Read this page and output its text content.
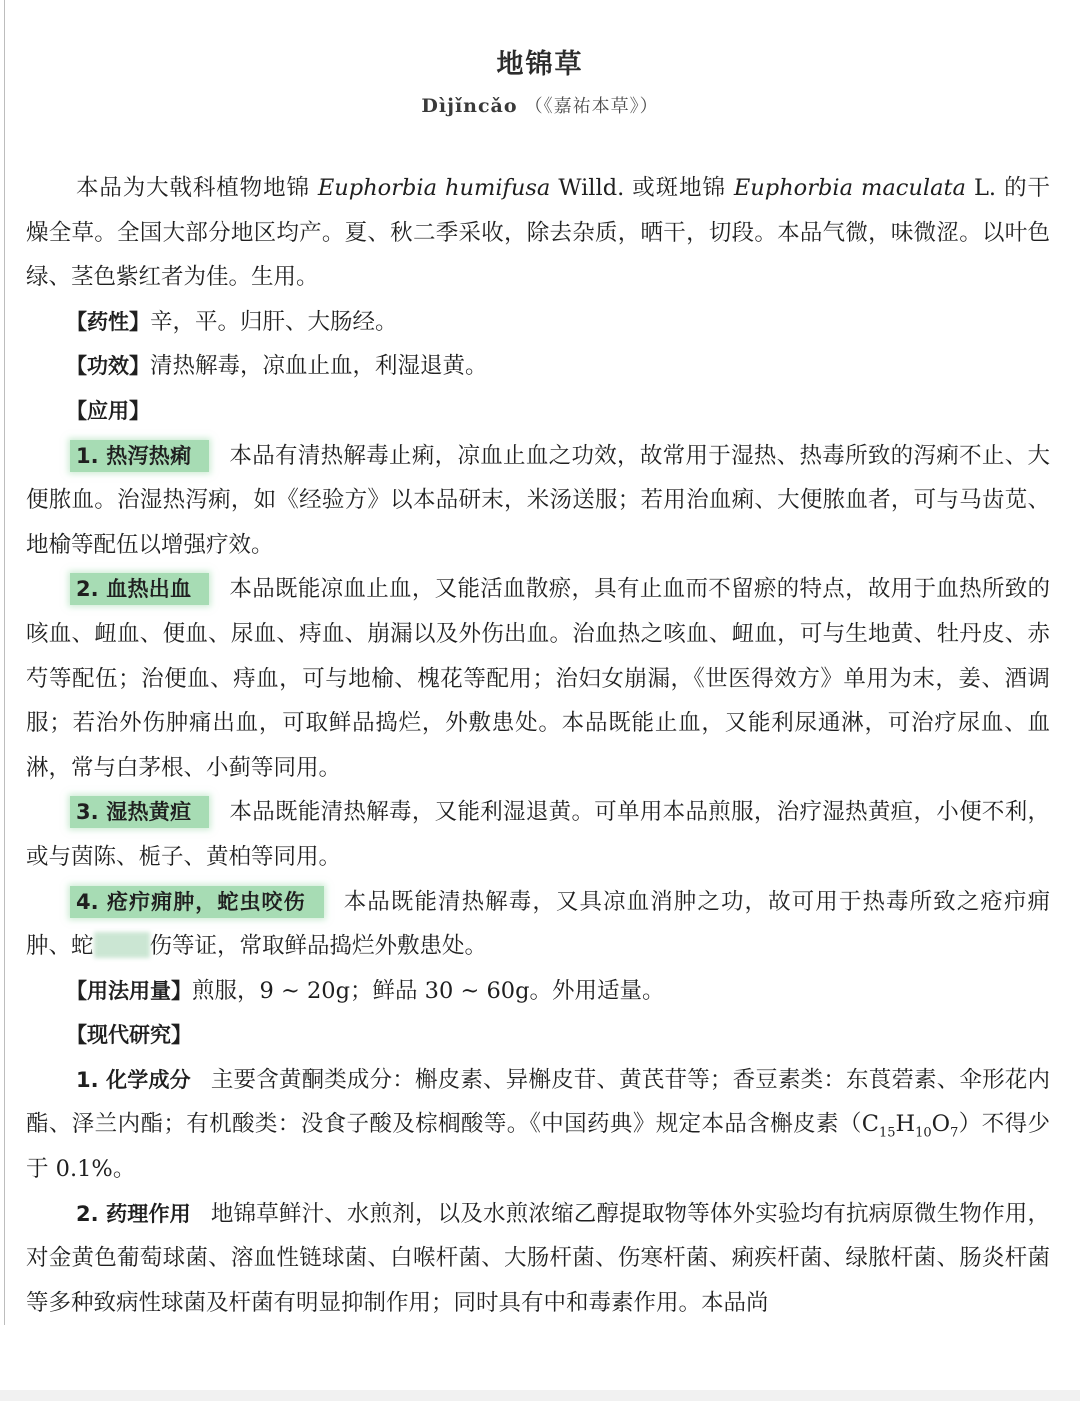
地锦草
Dìjǐncǎo （《嘉祐本草》）

本品为大戟科植物地锦 Euphorbia humifusa Willd. 或斑地锦 Euphorbia maculata L. 的干燥全草。全国大部分地区均产。夏、秋二季采收，除去杂质，晒干，切段。本品气微，味微涩。以叶色绿、茎色紫红者为佳。生用。

【药性】辛，平。归肝、大肠经。

【功效】清热解毒，凉血止血，利湿退黄。

【应用】

1. 热泻热痢 本品有清热解毒止痢，凉血止血之功效，故常用于湿热、热毒所致的泻痢不止、大便脓血。治湿热泻痢，如《经验方》以本品研末，米汤送服；若用治血痢、大便脓血者，可与马齿苋、地榆等配伍以增强疗效。

2. 血热出血 本品既能凉血止血，又能活血散瘀，具有止血而不留瘀的特点，故用于血热所致的咳血、衄血、便血、尿血、痔血、崩漏以及外伤出血。治血热之咳血、衄血，可与生地黄、牡丹皮、赤芍等配伍；治便血、痔血，可与地榆、槐花等配用；治妇女崩漏，《世医得效方》单用为末，姜、酒调服；若治外伤肿痛出血，可取鲜品捣烂，外敷患处。本品既能止血，又能利尿通淋，可治疗尿血、血淋，常与白茅根、小蓟等同用。

3. 湿热黄疸 本品既能清热解毒，又能利湿退黄。可单用本品煎服，治疗湿热黄疸，小便不利，或与茵陈、栀子、黄柏等同用。

4. 疮疖痈肿，蛇虫咬伤 本品既能清热解毒，又具凉血消肿之功，故可用于热毒所致之疮疖痈肿、蛇 伤等证，常取鲜品捣烂外敷患处。

【用法用量】煎服，9 ~ 20g；鲜品 30 ~ 60g。外用适量。

【现代研究】

1. 化学成分 主要含黄酮类成分：槲皮素、异槲皮苷、黄芪苷等；香豆素类：东莨菪素、伞形花内酯、泽兰内酯；有机酸类：没食子酸及棕榈酸等。《中国药典》规定本品含槲皮素$(C_{15}H_{10}O_7)$不得少于 0.1%。

2. 药理作用 地锦草鲜汁、水煎剂，以及水煎浓缩乙醇提取物等体外实验均有抗病原微生物作用，对金黄色葡萄球菌、溶血性链球菌、白喉杆菌、大肠杆菌、伤寒杆菌、痢疾杆菌、绿脓杆菌、肠炎杆菌等多种致病性球菌及杆菌有明显抑制作用；同时具有中和毒素作用。本品尚
